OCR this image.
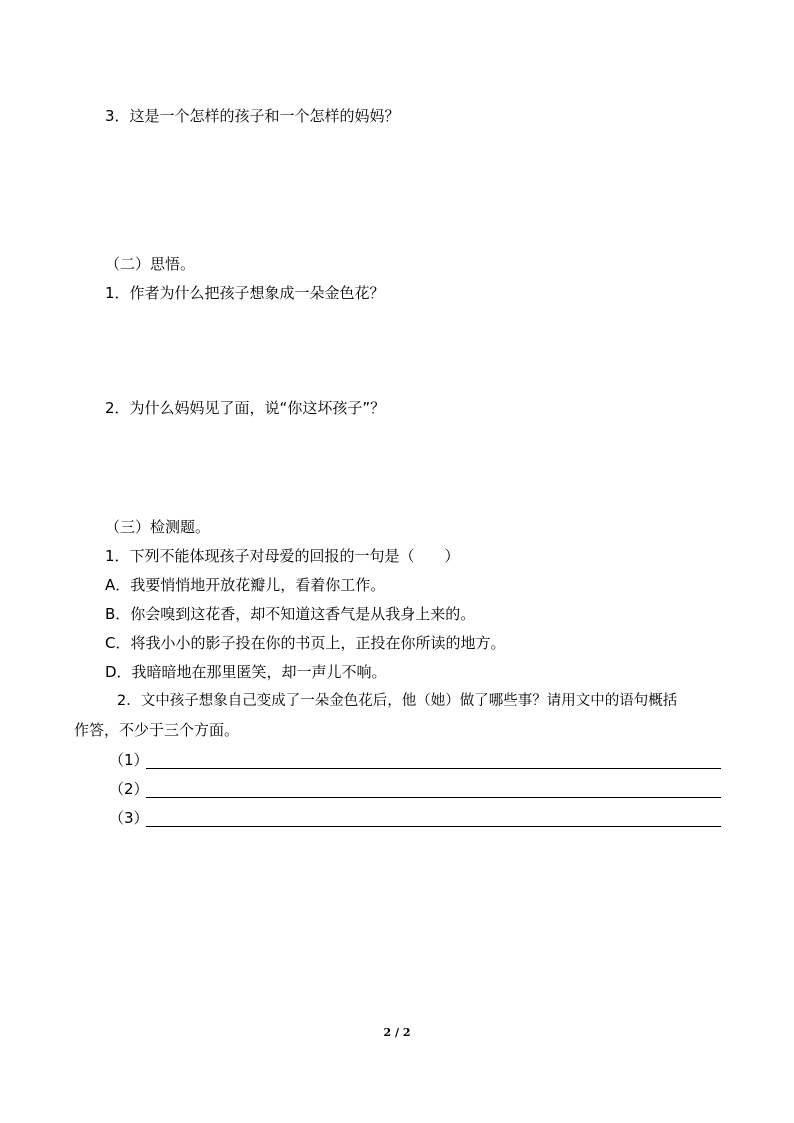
3．这是一个怎样的孩子和一个怎样的妈妈？
（二）思悟。
1．作者为什么把孩子想象成一朵金色花？
2．为什么妈妈见了面，说“你这坏孩子”？
（三）检测题。
1．下列不能体现孩子对母爱的回报的一句是（　　）
A．我要悄悄地开放花瓣儿，看着你工作。
B．你会嗅到这花香，却不知道这香气是从我身上来的。
C．将我小小的影子投在你的书页上，正投在你所读的地方。
D．我暗暗地在那里匿笑，却一声儿不响。
2．文中孩子想象自己变成了一朵金色花后，他（她）做了哪些事？请用文中的语句概括
作答，不少于三个方面。
（1）
（2）
（3）
2 / 2
